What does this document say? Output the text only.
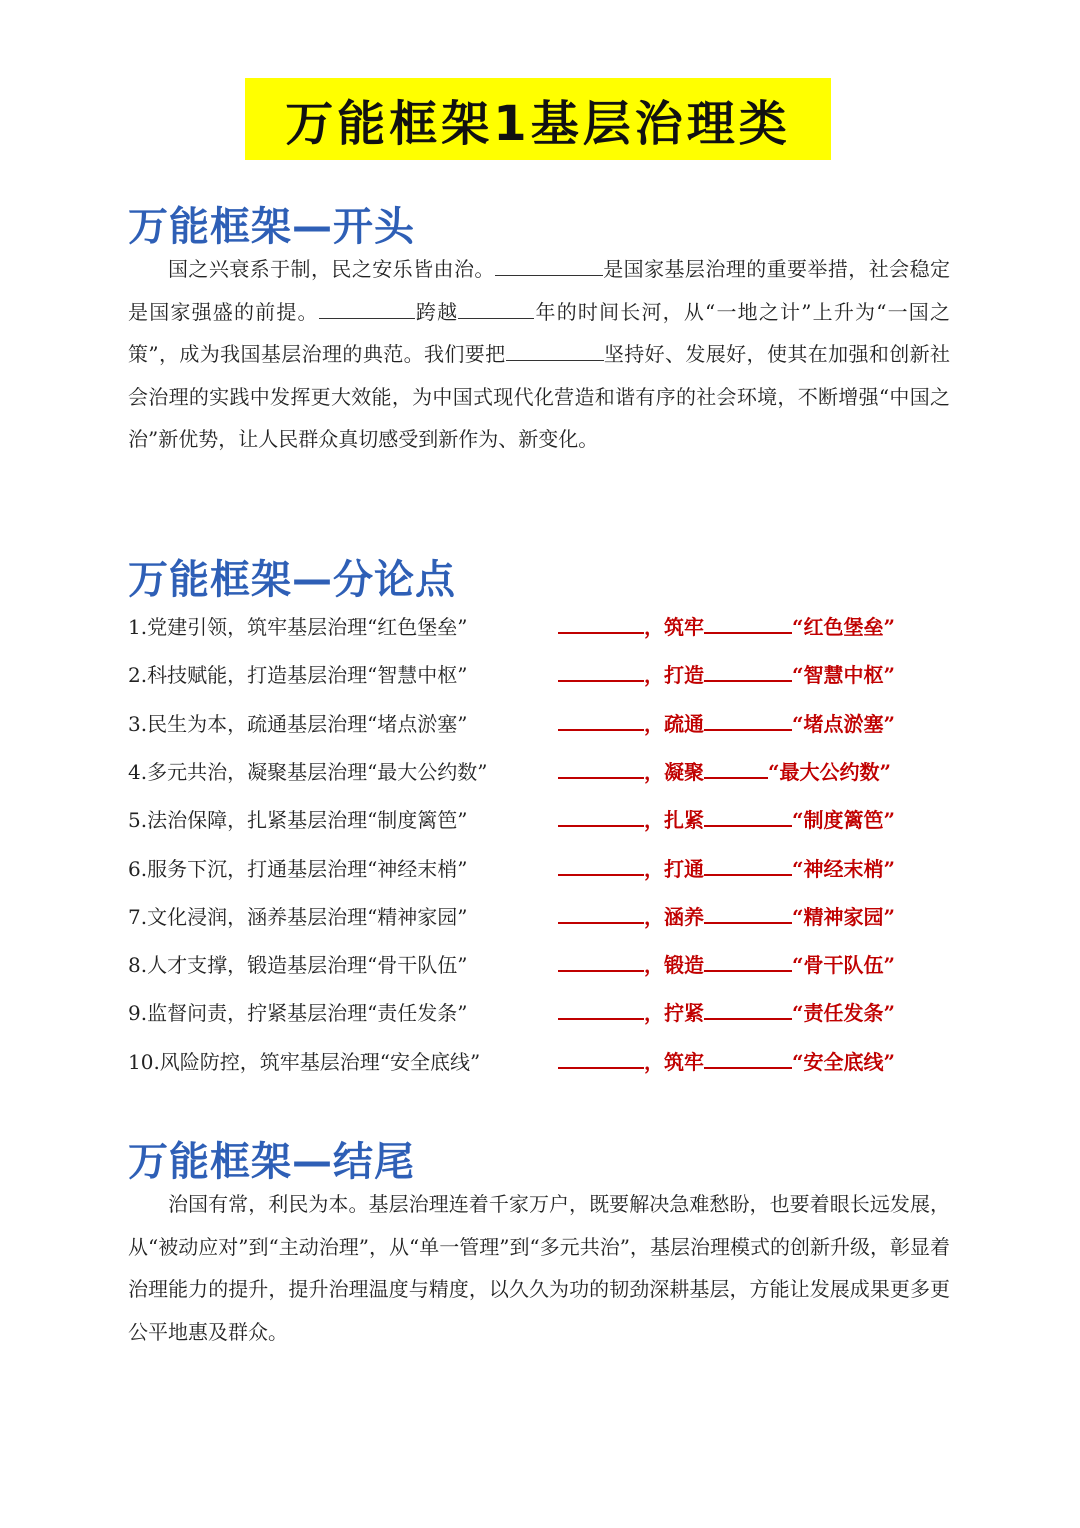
万能框架1 基层治理类
万能框架—开头

国之兴衰系于制，民之安乐皆由治。	是国家基层治理的重要举措，社会稳定是国家强盛的前提。	跨越	年的时间长河，从“一地之计”上升为“一国之策”，成为我国基层治理的典范。我们要把	坚持好、发展好，使其在加强和创新社会治理的实践中发挥更大效能，为中国式现代化营造和谐有序的社会环境，不断增强“中国之治”新优势，让人民群众真切感受到新作为、新变化。

万能框架—分论点
1.党建引领，筑牢基层治理“红色堡垒”	，筑牢	“红色堡垒”
2.科技赋能，打造基层治理“智慧中枢”	，打造	“智慧中枢”
3.民生为本，疏通基层治理“堵点淤塞”	，疏通	“堵点淤塞”
4.多元共治，凝聚基层治理“最大公约数”	，凝聚	“最大公约数”
5.法治保障，扎紧基层治理“制度篱笆”	，扎紧	“制度篱笆”
6.服务下沉，打通基层治理“神经末梢”	，打通	“神经末梢”
7.文化浸润，涵养基层治理“精神家园”	，涵养	“精神家园”
8.人才支撑，锻造基层治理“骨干队伍”	，锻造	“骨干队伍”
9.监督问责，拧紧基层治理“责任发条”	，拧紧	“责任发条”
10.风险防控，筑牢基层治理“安全底线”	，筑牢	“安全底线”
万能框架—结尾

治国有常，利民为本。基层治理连着千家万户，既要解决急难愁盼，也要着眼长远发展，从“被动应对”到“主动治理”，从“单一管理”到“多元共治”，基层治理模式的创新升级，彰显着治理能力的提升，提升治理温度与精度，以久久为功的韧劲深耕基层，方能让发展成果更多更公平地惠及群众。
